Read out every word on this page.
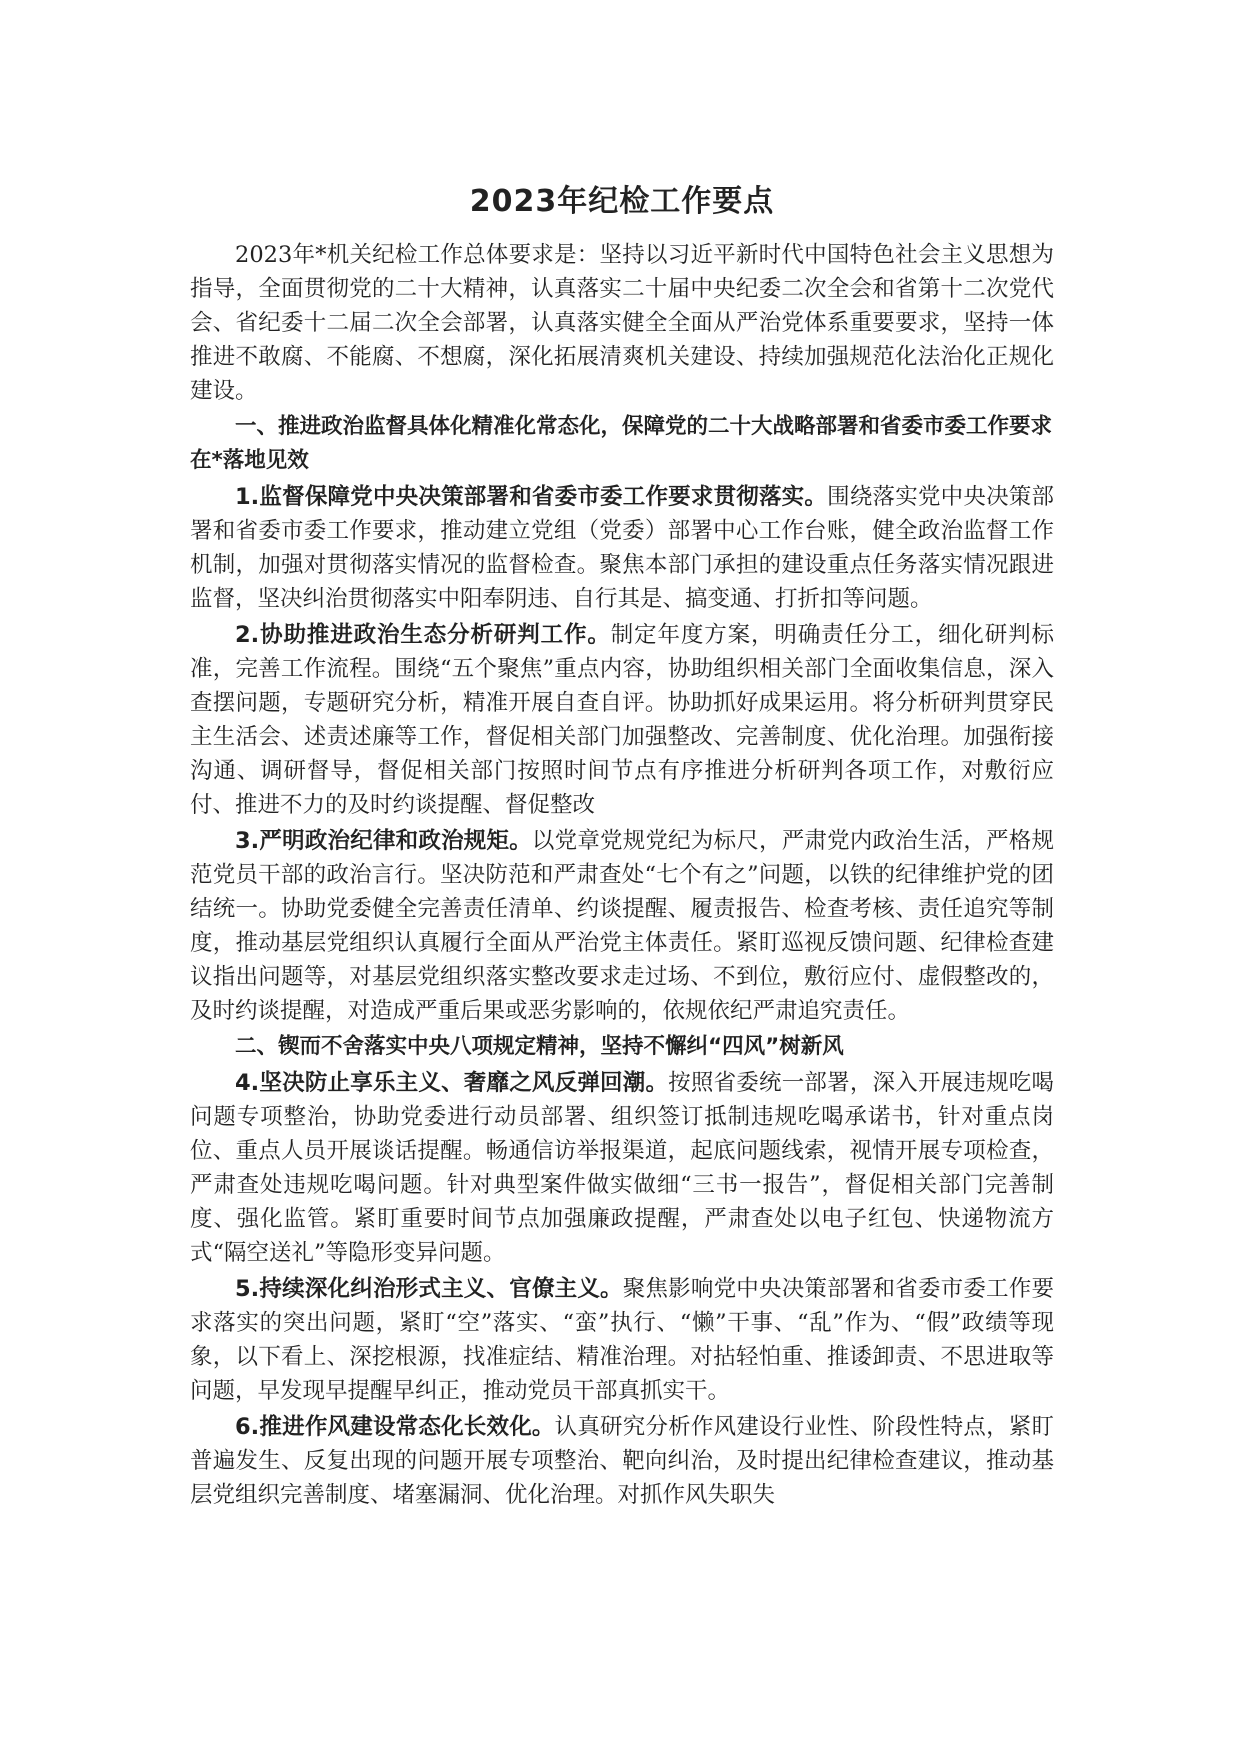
2023年纪检工作要点

2023年*机关纪检工作总体要求是：坚持以习近平新时代中国特色社会主义思想为指导，全面贯彻党的二十大精神，认真落实二十届中央纪委二次全会和省第十二次党代会、省纪委十二届二次全会部署，认真落实健全全面从严治党体系重要要求，坚持一体推进不敢腐、不能腐、不想腐，深化拓展清爽机关建设、持续加强规范化法治化正规化建设。

一、推进政治监督具体化精准化常态化，保障党的二十大战略部署和省委市委工作要求在*落地见效

1.监督保障党中央决策部署和省委市委工作要求贯彻落实。围绕落实党中央决策部署和省委市委工作要求，推动建立党组（党委）部署中心工作台账，健全政治监督工作机制，加强对贯彻落实情况的监督检查。聚焦本部门承担的建设重点任务落实情况跟进监督，坚决纠治贯彻落实中阳奉阴违、自行其是、搞变通、打折扣等问题。

2.协助推进政治生态分析研判工作。制定年度方案，明确责任分工，细化研判标准，完善工作流程。围绕“五个聚焦”重点内容，协助组织相关部门全面收集信息，深入查摆问题，专题研究分析，精准开展自查自评。协助抓好成果运用。将分析研判贯穿民主生活会、述责述廉等工作，督促相关部门加强整改、完善制度、优化治理。加强衔接沟通、调研督导，督促相关部门按照时间节点有序推进分析研判各项工作，对敷衍应付、推进不力的及时约谈提醒、督促整改

3.严明政治纪律和政治规矩。以党章党规党纪为标尺，严肃党内政治生活，严格规范党员干部的政治言行。坚决防范和严肃查处“七个有之”问题，以铁的纪律维护党的团结统一。协助党委健全完善责任清单、约谈提醒、履责报告、检查考核、责任追究等制度，推动基层党组织认真履行全面从严治党主体责任。紧盯巡视反馈问题、纪律检查建议指出问题等，对基层党组织落实整改要求走过场、不到位，敷衍应付、虚假整改的，及时约谈提醒，对造成严重后果或恶劣影响的，依规依纪严肃追究责任。

二、锲而不舍落实中央八项规定精神，坚持不懈纠“四风”树新风

4.坚决防止享乐主义、奢靡之风反弹回潮。按照省委统一部署，深入开展违规吃喝问题专项整治，协助党委进行动员部署、组织签订抵制违规吃喝承诺书，针对重点岗位、重点人员开展谈话提醒。畅通信访举报渠道，起底问题线索，视情开展专项检查，严肃查处违规吃喝问题。针对典型案件做实做细“三书一报告”，督促相关部门完善制度、强化监管。紧盯重要时间节点加强廉政提醒，严肃查处以电子红包、快递物流方式“隔空送礼”等隐形变异问题。

5.持续深化纠治形式主义、官僚主义。聚焦影响党中央决策部署和省委市委工作要求落实的突出问题，紧盯“空”落实、“蛮”执行、“懒”干事、“乱”作为、“假”政绩等现象，以下看上、深挖根源，找准症结、精准治理。对拈轻怕重、推诿卸责、不思进取等问题，早发现早提醒早纠正，推动党员干部真抓实干。

6.推进作风建设常态化长效化。认真研究分析作风建设行业性、阶段性特点，紧盯普遍发生、反复出现的问题开展专项整治、靶向纠治，及时提出纪律检查建议，推动基层党组织完善制度、堵塞漏洞、优化治理。对抓作风失职失
